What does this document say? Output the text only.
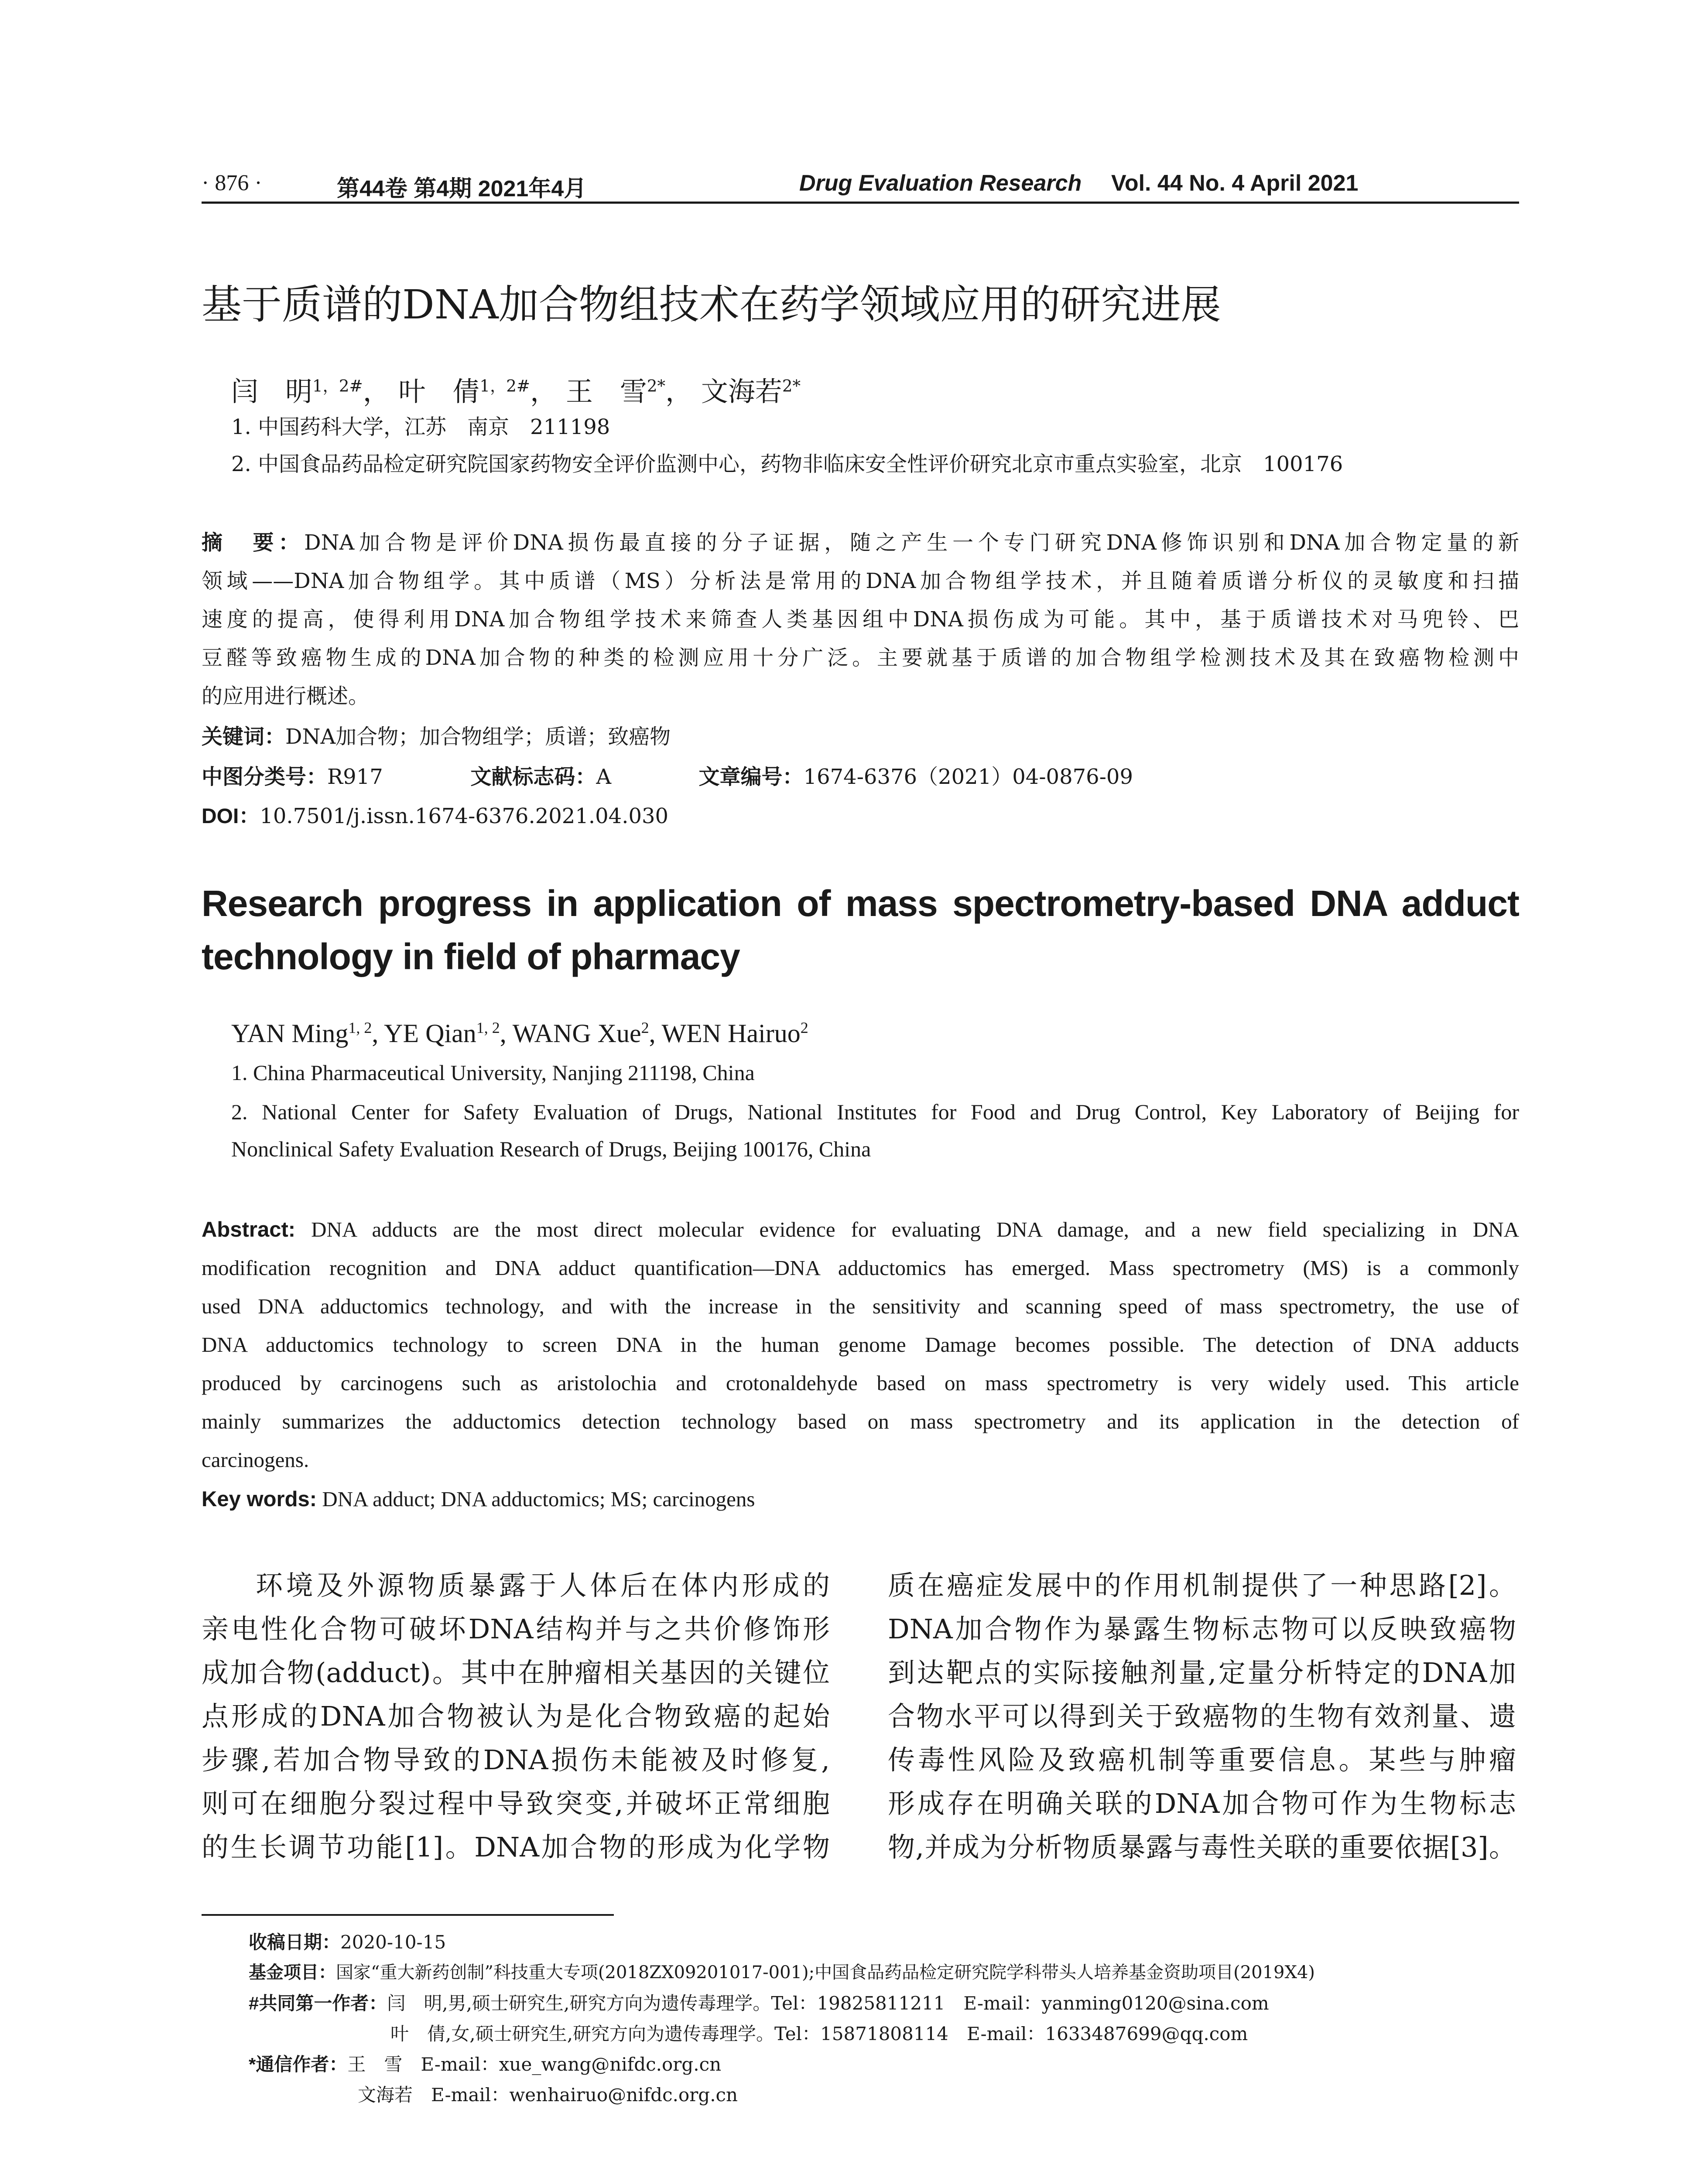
· 876 ·	第44卷 第4期 2021年4月	Drug Evaluation Research Vol. 44 No. 4 April 2021
基于质谱的DNA加合物组技术在药学领域应用的研究进展
闫　明$^{1,2\#}$， 叶　倩$^{1,2\#}$， 王　雪$^{2*}$， 文海若$^{2*}$
1. 中国药科大学，江苏　南京　211198
2. 中国食品药品检定研究院国家药物安全评价监测中心，药物非临床安全性评价研究北京市重点实验室，北京　100176
摘　要：DNA加合物是评价DNA损伤最直接的分子证据，随之产生一个专门研究DNA修饰识别和DNA加合物定量的新
领域——DNA加合物组学。其中质谱（MS）分析法是常用的DNA加合物组学技术，并且随着质谱分析仪的灵敏度和扫描
速度的提高，使得利用DNA加合物组学技术来筛查人类基因组中DNA损伤成为可能。其中，基于质谱技术对马兜铃、巴
豆醛等致癌物生成的DNA加合物的种类的检测应用十分广泛。主要就基于质谱的加合物组学检测技术及其在致癌物检测中
的应用进行概述。
关键词：DNA加合物；加合物组学；质谱；致癌物
中图分类号：R917	文献标志码：A	文章编号：1674-6376（2021）04-0876-09
DOI：10.7501/j.issn.1674-6376.2021.04.030
Research progress in application of mass spectrometry-based DNA adduct
technology in field of pharmacy
YAN Ming$^{1, 2}$, YE Qian$^{1, 2}$, WANG Xue$^2$, WEN Hairuo$^2$
1. China Pharmaceutical University, Nanjing 211198, China
2. National Center for Safety Evaluation of Drugs, National Institutes for Food and Drug Control, Key Laboratory of Beijing for
Nonclinical Safety Evaluation Research of Drugs, Beijing 100176, China
Abstract: DNA adducts are the most direct molecular evidence for evaluating DNA damage, and a new field specializing in DNA
modification recognition and DNA adduct quantification—DNA adductomics has emerged. Mass spectrometry (MS) is a commonly
used DNA adductomics technology, and with the increase in the sensitivity and scanning speed of mass spectrometry, the use of
DNA adductomics technology to screen DNA in the human genome Damage becomes possible. The detection of DNA adducts
produced by carcinogens such as aristolochia and crotonaldehyde based on mass spectrometry is very widely used. This article
mainly summarizes the adductomics detection technology based on mass spectrometry and its application in the detection of
carcinogens.
Key words: DNA adduct; DNA adductomics; MS; carcinogens
环境及外源物质暴露于人体后在体内形成的
亲电性化合物可破坏DNA结构并与之共价修饰形
成加合物(adduct)。其中在肿瘤相关基因的关键位
点形成的DNA加合物被认为是化合物致癌的起始
步骤,若加合物导致的DNA损伤未能被及时修复,
则可在细胞分裂过程中导致突变,并破坏正常细胞
的生长调节功能[1]。DNA加合物的形成为化学物
质在癌症发展中的作用机制提供了一种思路[2]。
DNA加合物作为暴露生物标志物可以反映致癌物
到达靶点的实际接触剂量,定量分析特定的DNA加
合物水平可以得到关于致癌物的生物有效剂量、遗
传毒性风险及致癌机制等重要信息。某些与肿瘤
形成存在明确关联的DNA加合物可作为生物标志
物,并成为分析物质暴露与毒性关联的重要依据[3]。
收稿日期：2020-10-15
基金项目：国家“重大新药创制”科技重大专项(2018ZX09201017-001);中国食品药品检定研究院学科带头人培养基金资助项目(2019X4)
#共同第一作者：闫　明,男,硕士研究生,研究方向为遗传毒理学。Tel：19825811211　E-mail：yanming0120@sina.com
叶　倩,女,硕士研究生,研究方向为遗传毒理学。Tel：15871808114　E-mail：1633487699@qq.com
*通信作者：王　雪　E-mail：xue_wang@nifdc.org.cn
文海若　E-mail：wenhairuo@nifdc.org.cn
